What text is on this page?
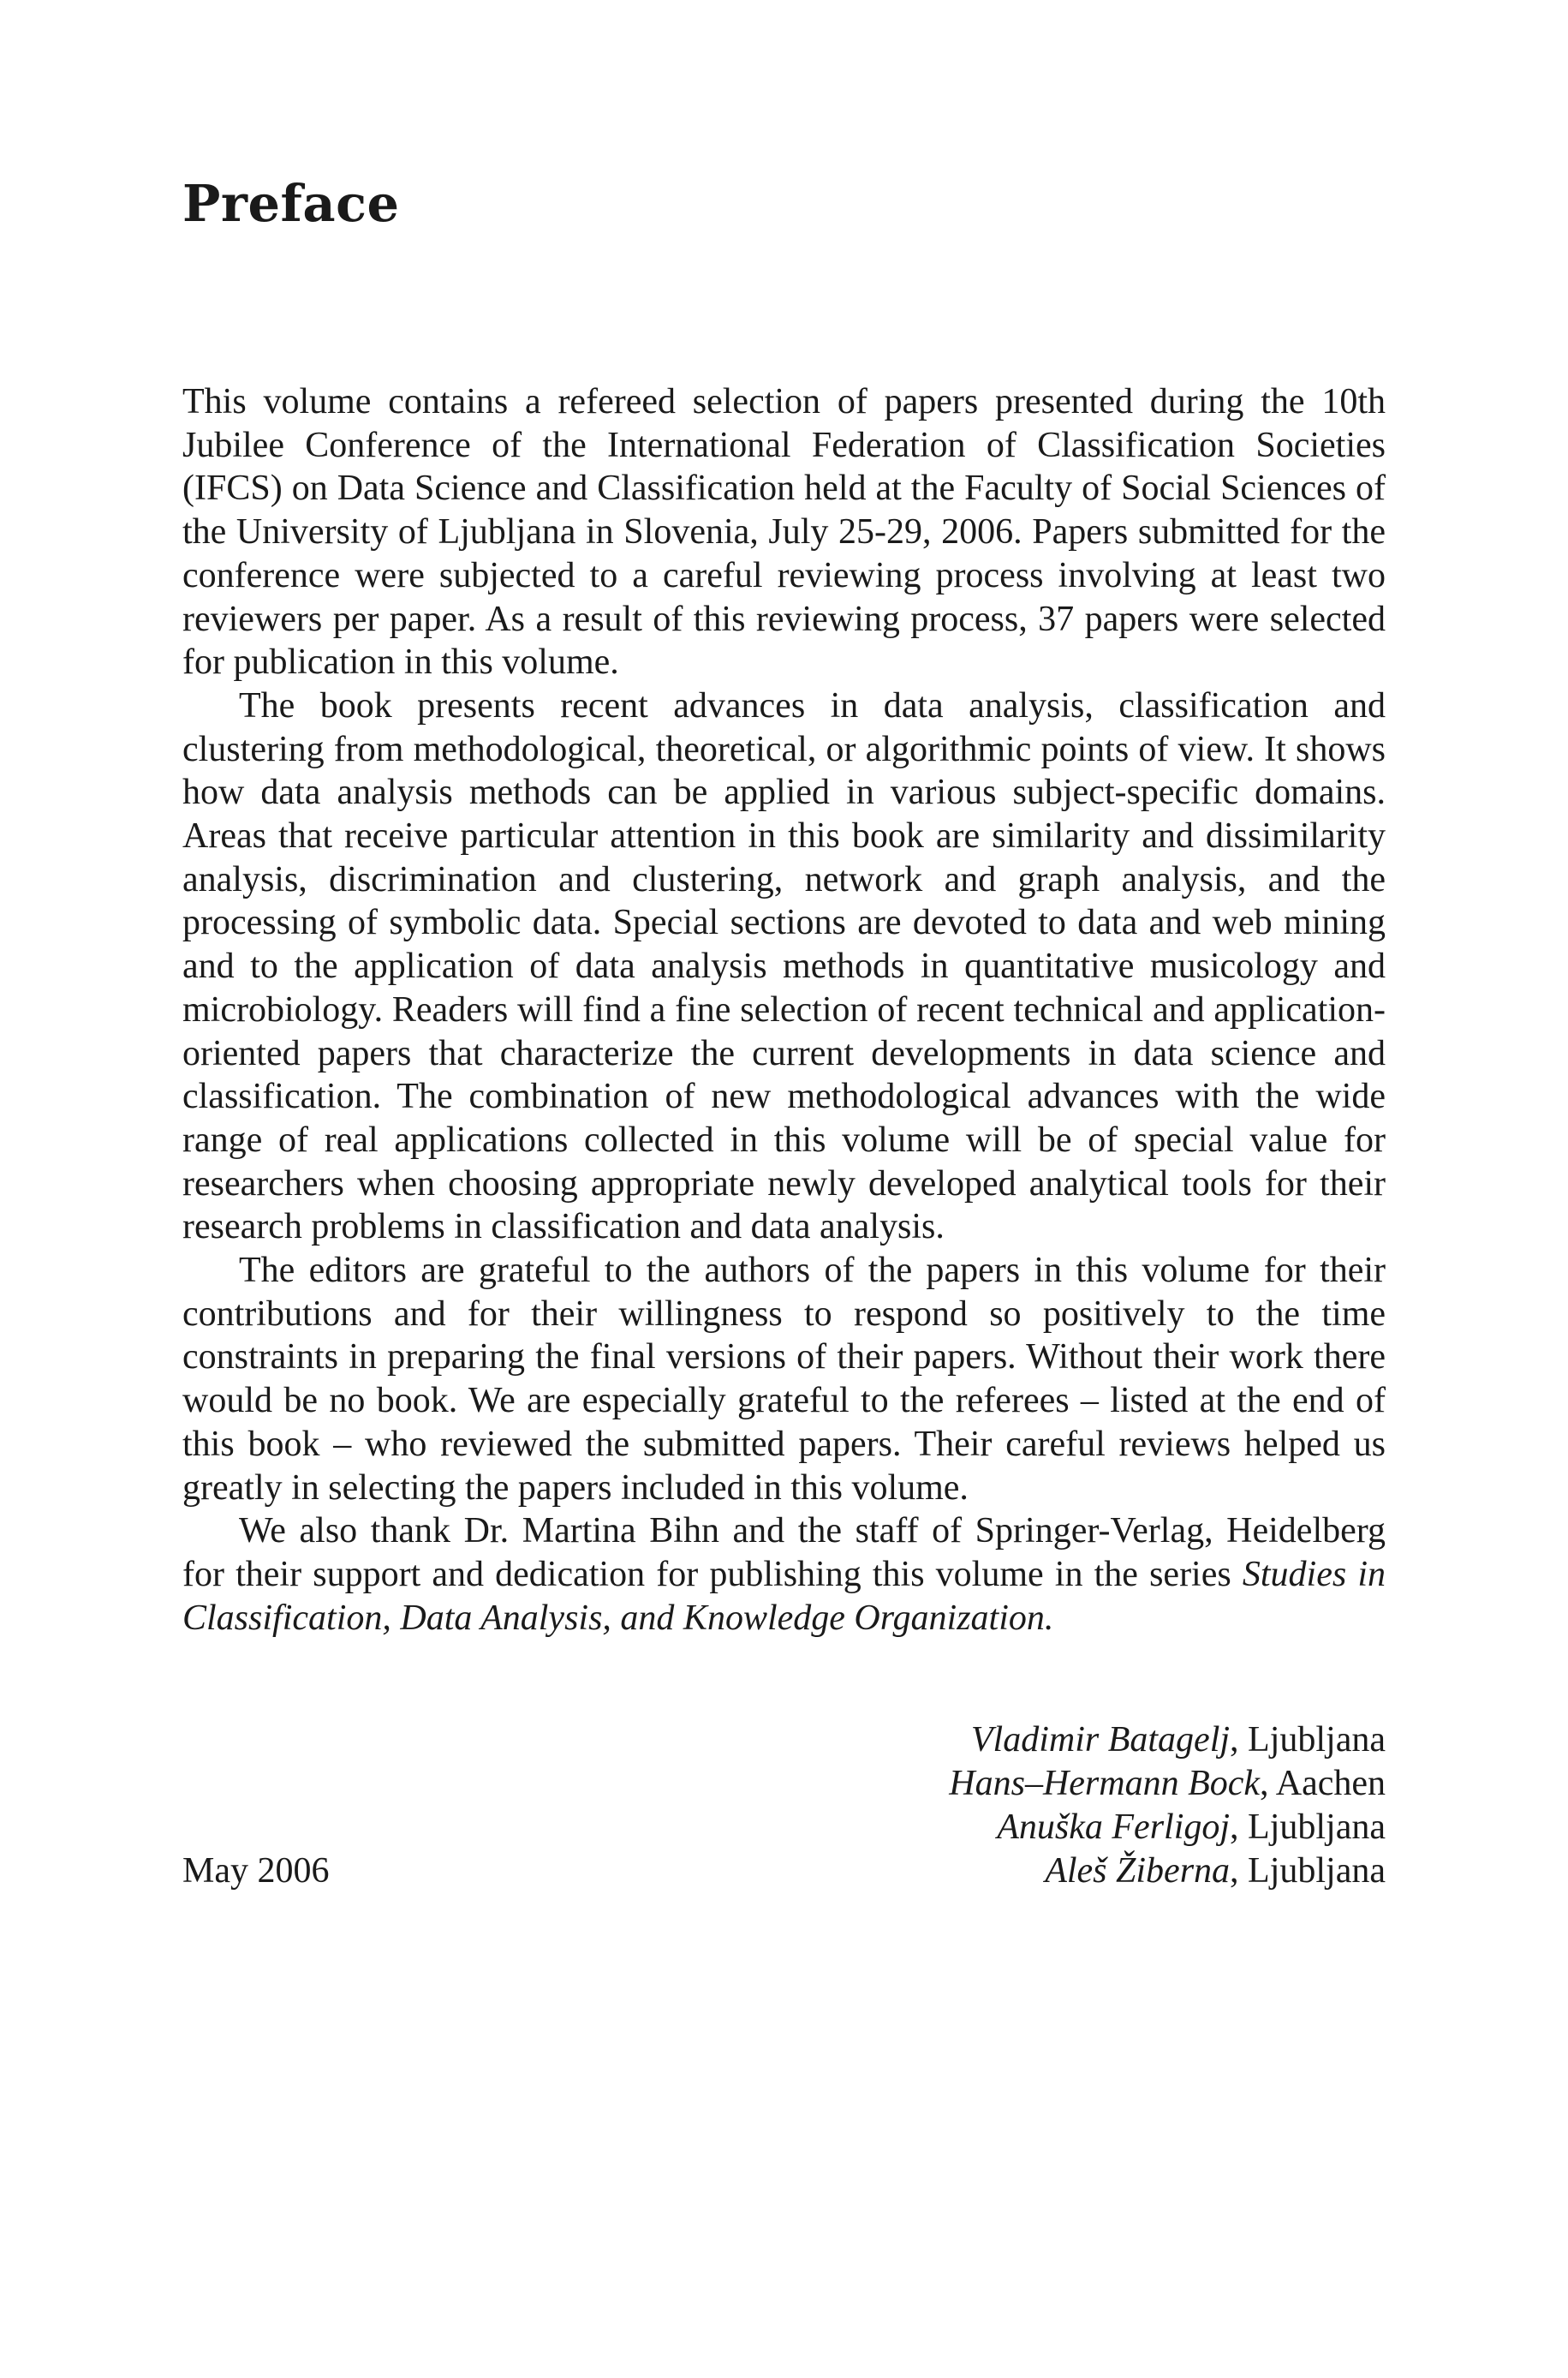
Preface

This volume contains a refereed selection of papers presented during the 10th Jubilee Conference of the International Federation of Classification Societies (IFCS) on Data Science and Classification held at the Faculty of Social Sciences of the University of Ljubljana in Slovenia, July 25-29, 2006. Papers submitted for the conference were subjected to a careful reviewing process involving at least two reviewers per paper. As a result of this reviewing process, 37 papers were selected for publication in this volume.

The book presents recent advances in data analysis, classification and clustering from methodological, theoretical, or algorithmic points of view. It shows how data analysis methods can be applied in various subject-specific domains. Areas that receive particular attention in this book are similarity and dissimilarity analysis, discrimination and clustering, network and graph analysis, and the processing of symbolic data. Special sections are devoted to data and web mining and to the application of data analysis methods in quantitative musicology and microbiology. Readers will find a fine selection of recent technical and application-oriented papers that characterize the current developments in data science and classification. The combination of new methodological advances with the wide range of real applications collected in this volume will be of special value for researchers when choosing appropriate newly developed analytical tools for their research problems in classification and data analysis.

The editors are grateful to the authors of the papers in this volume for their contributions and for their willingness to respond so positively to the time constraints in preparing the final versions of their papers. Without their work there would be no book. We are especially grateful to the referees – listed at the end of this book – who reviewed the submitted papers. Their careful reviews helped us greatly in selecting the papers included in this volume.

We also thank Dr. Martina Bihn and the staff of Springer-Verlag, Heidelberg for their support and dedication for publishing this volume in the series Studies in Classification, Data Analysis, and Knowledge Organization.

Vladimir Batagelj, Ljubljana
Hans–Hermann Bock, Aachen
Anuška Ferligoj, Ljubljana
Aleš Žiberna, Ljubljana
May 2006
